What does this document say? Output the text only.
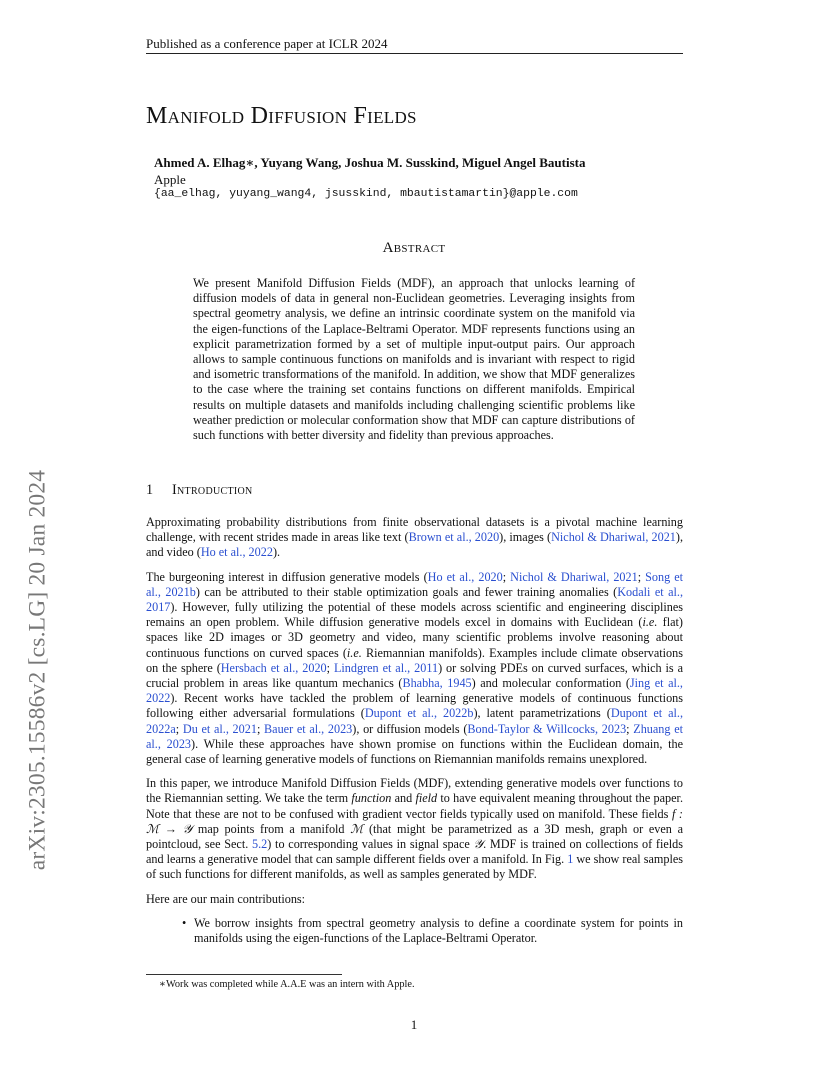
Published as a conference paper at ICLR 2024
arXiv:2305.15586v2 [cs.LG] 20 Jan 2024
Manifold Diffusion Fields
Ahmed A. Elhag∗, Yuyang Wang, Joshua M. Susskind, Miguel Angel Bautista
Apple
{aa_elhag, yuyang_wang4, jsusskind, mbautistamartin}@apple.com
Abstract
We present Manifold Diffusion Fields (MDF), an approach that unlocks learning of diffusion models of data in general non-Euclidean geometries. Leveraging insights from spectral geometry analysis, we define an intrinsic coordinate system on the manifold via the eigen-functions of the Laplace-Beltrami Operator. MDF represents functions using an explicit parametrization formed by a set of multiple input-output pairs. Our approach allows to sample continuous functions on manifolds and is invariant with respect to rigid and isometric transformations of the manifold. In addition, we show that MDF generalizes to the case where the training set contains functions on different manifolds. Empirical results on multiple datasets and manifolds including challenging scientific problems like weather prediction or molecular conformation show that MDF can capture distributions of such functions with better diversity and fidelity than previous approaches.
1 Introduction

Approximating probability distributions from finite observational datasets is a pivotal machine learning challenge, with recent strides made in areas like text (Brown et al., 2020), images (Nichol & Dhariwal, 2021), and video (Ho et al., 2022).

The burgeoning interest in diffusion generative models (Ho et al., 2020; Nichol & Dhariwal, 2021; Song et al., 2021b) can be attributed to their stable optimization goals and fewer training anomalies (Kodali et al., 2017). However, fully utilizing the potential of these models across scientific and engineering disciplines remains an open problem. While diffusion generative models excel in domains with Euclidean (i.e. flat) spaces like 2D images or 3D geometry and video, many scientific problems involve reasoning about continuous functions on curved spaces (i.e. Riemannian manifolds). Examples include climate observations on the sphere (Hersbach et al., 2020; Lindgren et al., 2011) or solving PDEs on curved surfaces, which is a crucial problem in areas like quantum mechanics (Bhabha, 1945) and molecular conformation (Jing et al., 2022). Recent works have tackled the problem of learning generative models of continuous functions following either adversarial formulations (Dupont et al., 2022b), latent parametrizations (Dupont et al., 2022a; Du et al., 2021; Bauer et al., 2023), or diffusion models (Bond-Taylor & Willcocks, 2023; Zhuang et al., 2023). While these approaches have shown promise on functions within the Euclidean domain, the general case of learning generative models of functions on Riemannian manifolds remains unexplored.

In this paper, we introduce Manifold Diffusion Fields (MDF), extending generative models over functions to the Riemannian setting. We take the term function and field to have equivalent meaning throughout the paper. Note that these are not to be confused with gradient vector fields typically used on manifold. These fields f : ℳ → 𝒴 map points from a manifold ℳ (that might be parametrized as a 3D mesh, graph or even a pointcloud, see Sect. 5.2) to corresponding values in signal space 𝒴. MDF is trained on collections of fields and learns a generative model that can sample different fields over a manifold. In Fig. 1 we show real samples of such functions for different manifolds, as well as samples generated by MDF.

Here are our main contributions:

• We borrow insights from spectral geometry analysis to define a coordinate system for points in manifolds using the eigen-functions of the Laplace-Beltrami Operator.
∗Work was completed while A.A.E was an intern with Apple.
1
